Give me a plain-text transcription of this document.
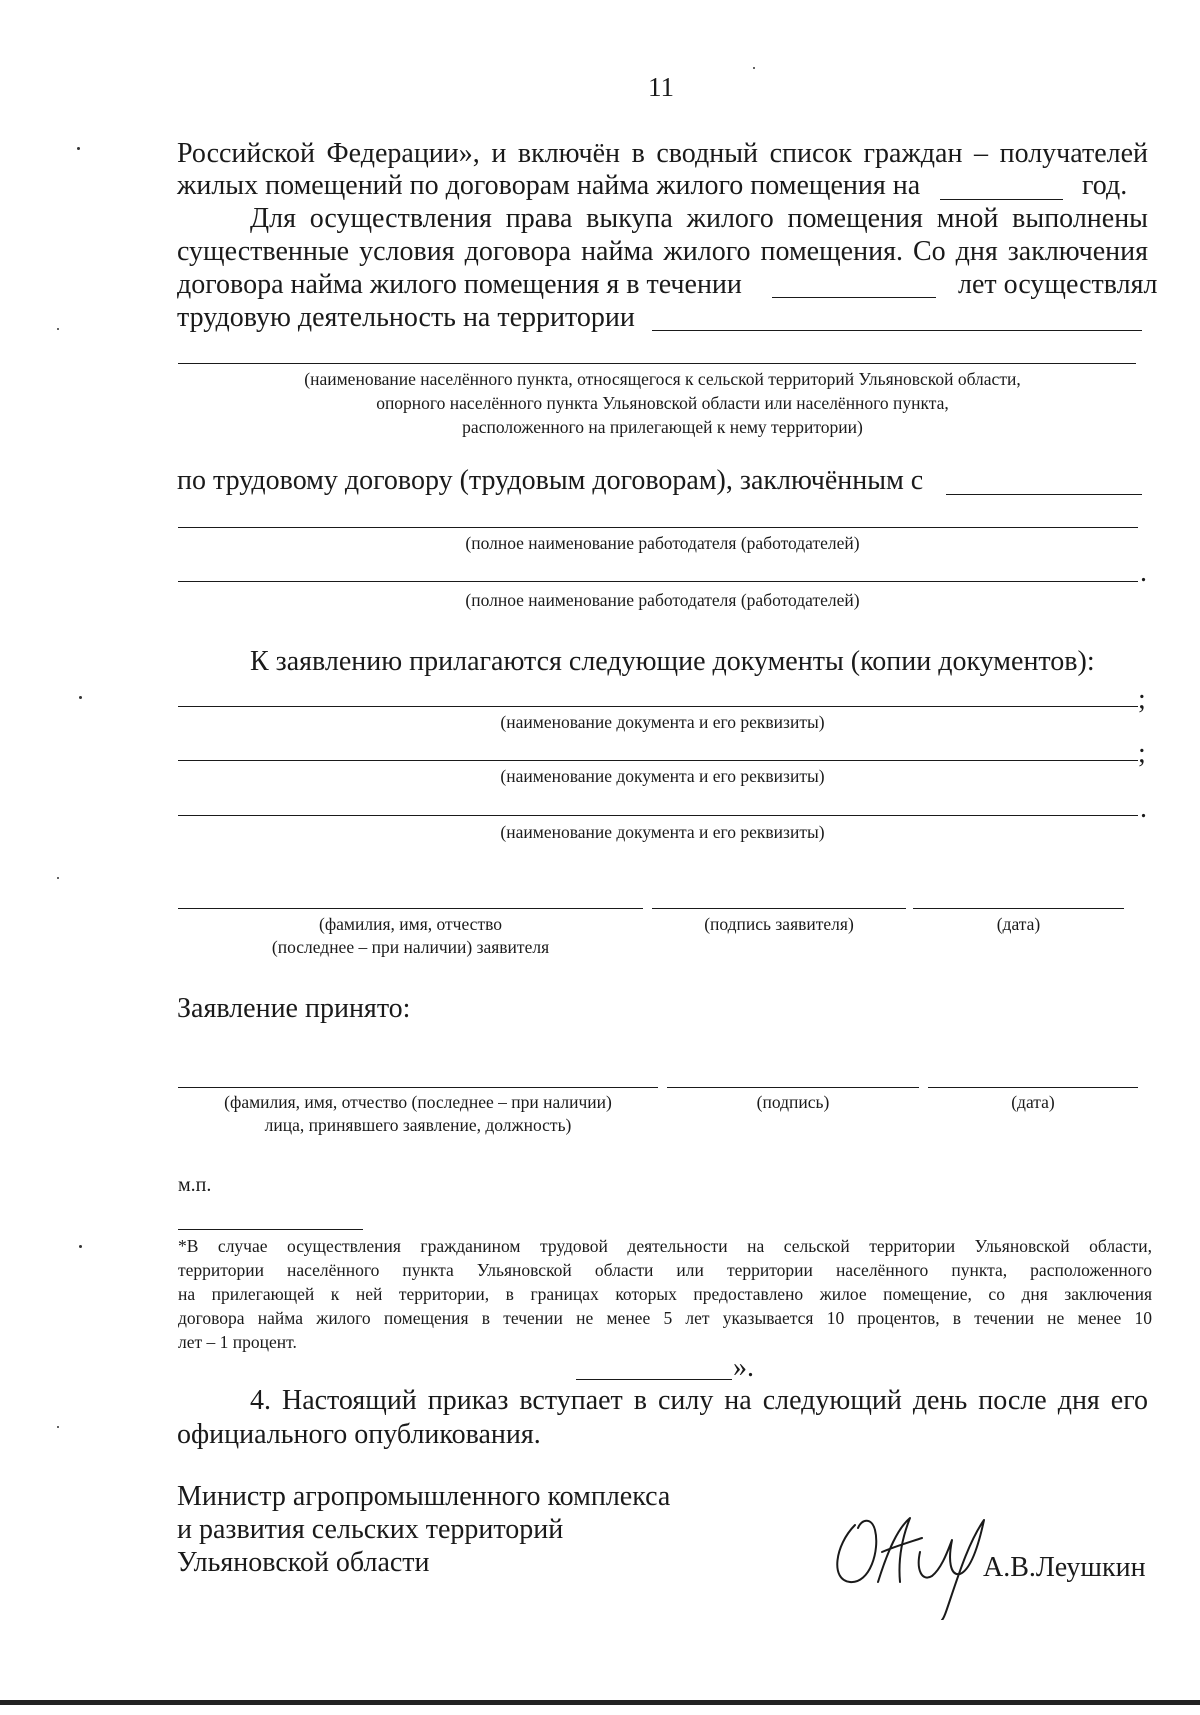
11
Российской Федерации», и включён в сводный список граждан – получателей
жилых помещений по договорам найма жилого помещения на	год.
Для осуществления права выкупа жилого помещения мной выполнены
существенные условия договора найма жилого помещения. Со дня заключения
договора найма жилого помещения я в течении	лет осуществлял
трудовую деятельность на территории
(наименование населённого пункта, относящегося к сельской территорий Ульяновской области,
опорного населённого пункта Ульяновской области или населённого пункта,
расположенного на прилегающей к нему территории)
по трудовому договору (трудовым договорам), заключённым с
(полное наименование работодателя (работодателей)
.
(полное наименование работодателя (работодателей)
К заявлению прилагаются следующие документы (копии документов):
;
(наименование документа и его реквизиты)
;
(наименование документа и его реквизиты)
.
(наименование документа и его реквизиты)
(фамилия, имя, отчество
(последнее – при наличии) заявителя
(подпись заявителя)	(дата)
Заявление принято:
(фамилия, имя, отчество (последнее – при наличии)
лица, принявшего заявление, должность)
(подпись)	(дата)
м.п.
*В случае осуществления гражданином трудовой деятельности на сельской территории Ульяновской области,
территории населённого пункта Ульяновской области или территории населённого пункта, расположенного
на прилегающей к ней территории, в границах которых предоставлено жилое помещение, со дня заключения
договора найма жилого помещения в течении не менее 5 лет указывается 10 процентов, в течении не менее 10
лет – 1 процент.
».
4. Настоящий приказ вступает в силу на следующий день после дня его
официального опубликования.
Министр агропромышленного комплекса
и развития сельских территорий
Ульяновской области	А.В.Леушкин
